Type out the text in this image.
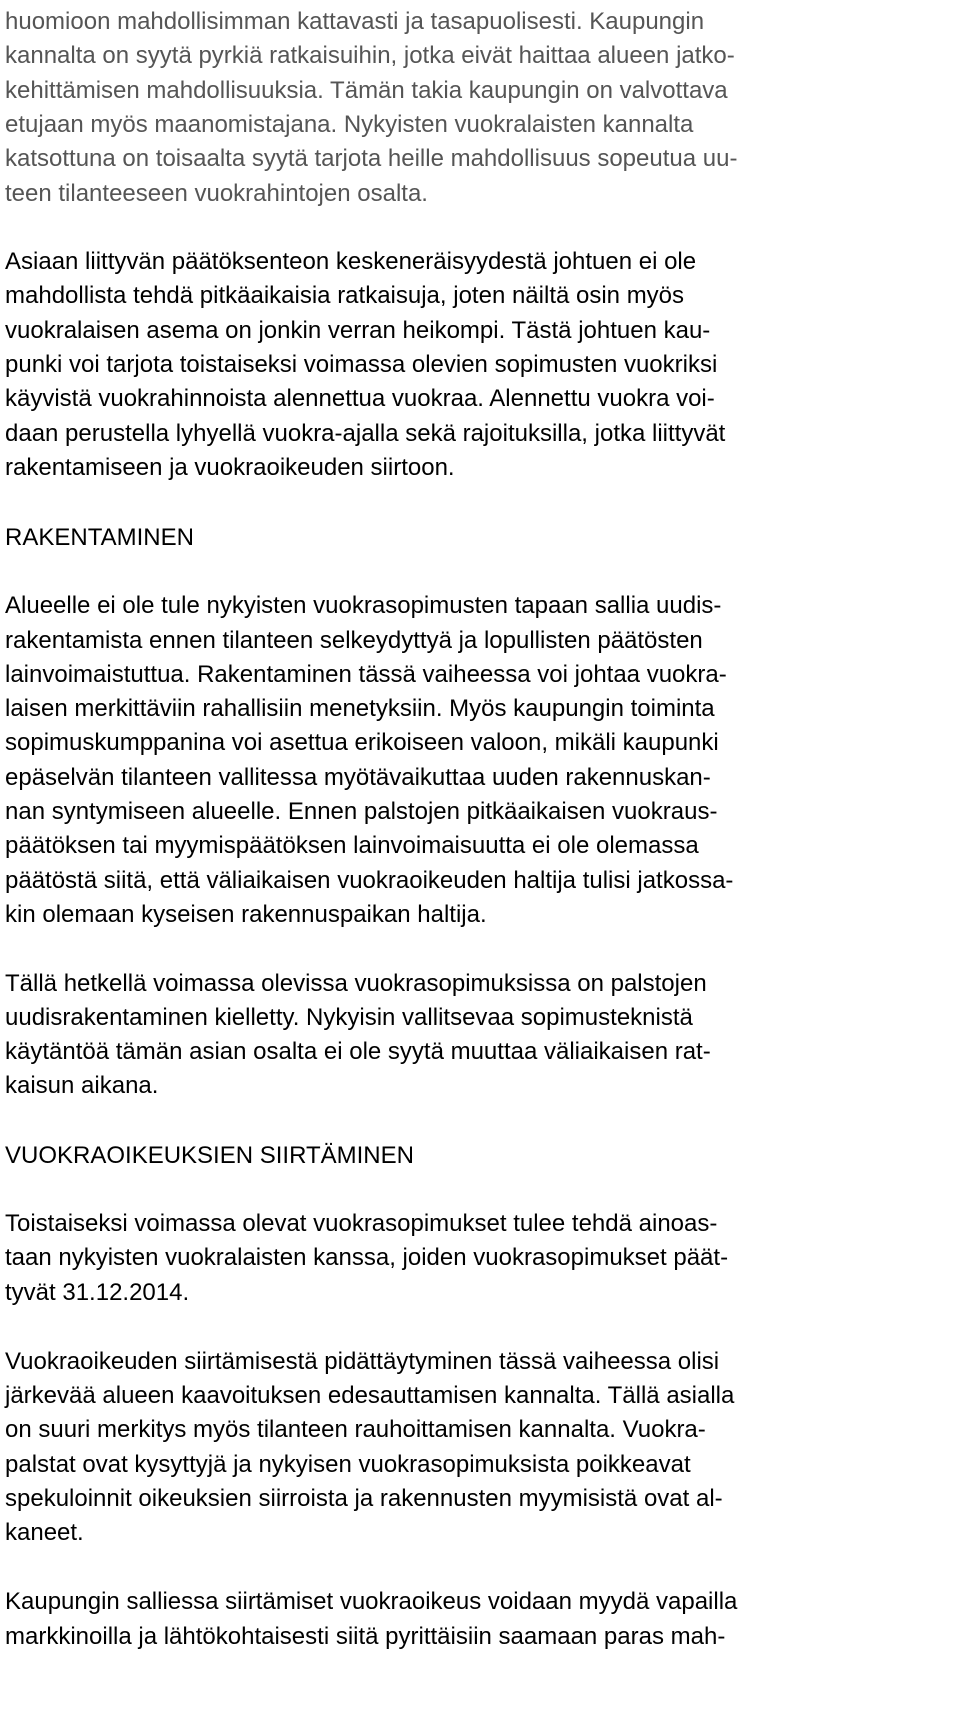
huomioon mahdollisimman kattavasti ja tasapuolisesti. Kaupungin
kannalta on syytä pyrkiä ratkaisuihin, jotka eivät haittaa alueen jatko-
kehittämisen mahdollisuuksia. Tämän takia kaupungin on valvottava
etujaan myös maanomistajana. Nykyisten vuokralaisten kannalta
katsottuna on toisaalta syytä tarjota heille mahdollisuus sopeutua uu-
teen tilanteeseen vuokrahintojen osalta.
Asiaan liittyvän päätöksenteon keskeneräisyydestä johtuen ei ole
mahdollista tehdä pitkäaikaisia ratkaisuja, joten näiltä osin myös
vuokralaisen asema on jonkin verran heikompi. Tästä johtuen kau-
punki voi tarjota toistaiseksi voimassa olevien sopimusten vuokriksi
käyvistä vuokrahinnoista alennettua vuokraa. Alennettu vuokra voi-
daan perustella lyhyellä vuokra-ajalla sekä rajoituksilla, jotka liittyvät
rakentamiseen ja vuokraoikeuden siirtoon.
RAKENTAMINEN
Alueelle ei ole tule nykyisten vuokrasopimusten tapaan sallia uudis-
rakentamista ennen tilanteen selkeydyttyä ja lopullisten päätösten
lainvoimaistuttua. Rakentaminen tässä vaiheessa voi johtaa vuokra-
laisen merkittäviin rahallisiin menetyksiin. Myös kaupungin toiminta
sopimuskumppanina voi asettua erikoiseen valoon, mikäli kaupunki
epäselvän tilanteen vallitessa myötävaikuttaa uuden rakennuskan-
nan syntymiseen alueelle. Ennen palstojen pitkäaikaisen vuokraus-
päätöksen tai myymispäätöksen lainvoimaisuutta ei ole olemassa
päätöstä siitä, että väliaikaisen vuokraoikeuden haltija tulisi jatkossa-
kin olemaan kyseisen rakennuspaikan haltija.
Tällä hetkellä voimassa olevissa vuokrasopimuksissa on palstojen
uudisrakentaminen kielletty. Nykyisin vallitsevaa sopimusteknistä
käytäntöä tämän asian osalta ei ole syytä muuttaa väliaikaisen rat-
kaisun aikana.
VUOKRAOIKEUKSIEN SIIRTÄMINEN
Toistaiseksi voimassa olevat vuokrasopimukset tulee tehdä ainoas-
taan nykyisten vuokralaisten kanssa, joiden vuokrasopimukset päät-
tyvät 31.12.2014.
Vuokraoikeuden siirtämisestä pidättäytyminen tässä vaiheessa olisi
järkevää alueen kaavoituksen edesauttamisen kannalta. Tällä asialla
on suuri merkitys myös tilanteen rauhoittamisen kannalta. Vuokra-
palstat ovat kysyttyjä ja nykyisen vuokrasopimuksista poikkeavat
spekuloinnit oikeuksien siirroista ja rakennusten myymisistä ovat al-
kaneet.
Kaupungin salliessa siirtämiset vuokraoikeus voidaan myydä vapailla
markkinoilla ja lähtökohtaisesti siitä pyrittäisiin saamaan paras mah-
